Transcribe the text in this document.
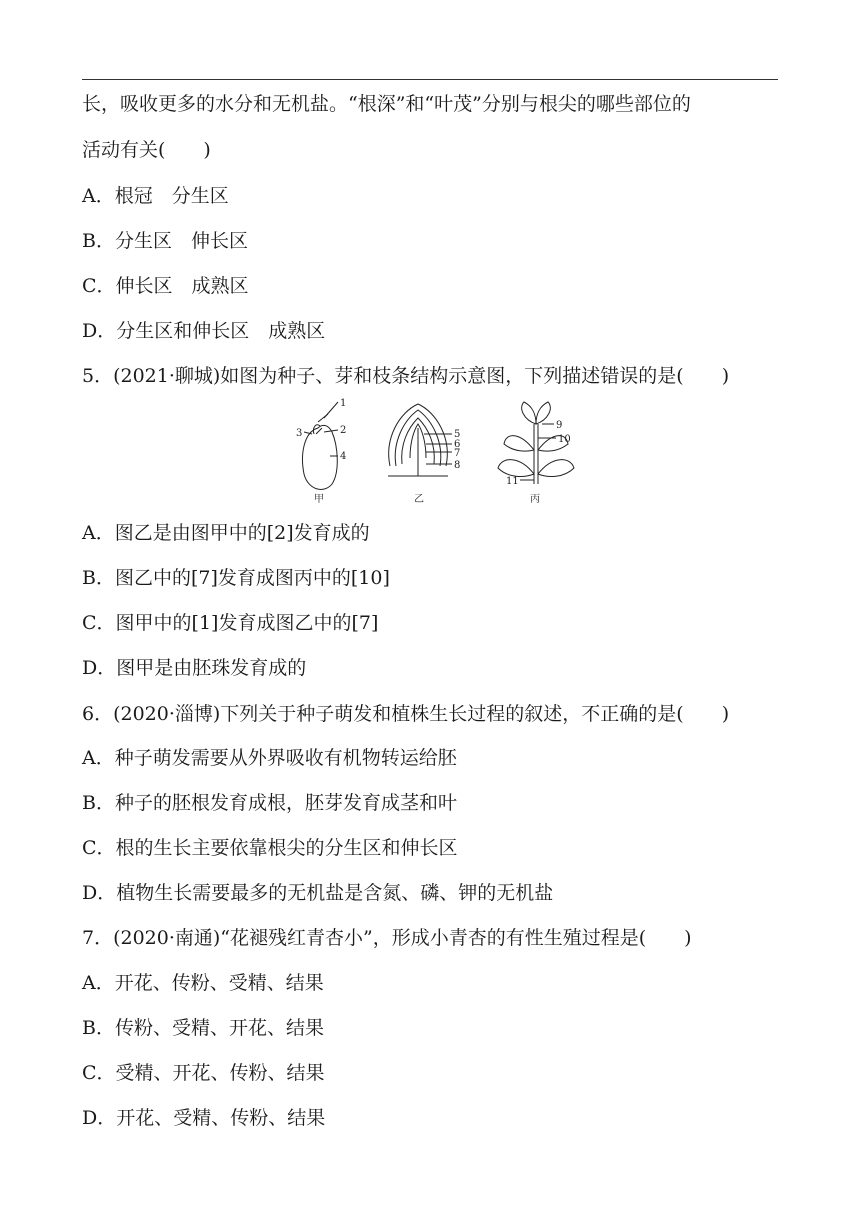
长，吸收更多的水分和无机盐。“根深”和“叶茂”分别与根尖的哪些部位的
活动有关(　　)
A．根冠　分生区
B．分生区　伸长区
C．伸长区　成熟区
D．分生区和伸长区　成熟区
5．(2021·聊城)如图为种子、芽和枝条结构示意图，下列描述错误的是(　　)
1
2
3
4
5
6
7
8
9
10
11
甲	乙	丙
A．图乙是由图甲中的[2]发育成的
B．图乙中的[7]发育成图丙中的[10]
C．图甲中的[1]发育成图乙中的[7]
D．图甲是由胚珠发育成的
6．(2020·淄博)下列关于种子萌发和植株生长过程的叙述，不正确的是(　　)
A．种子萌发需要从外界吸收有机物转运给胚
B．种子的胚根发育成根，胚芽发育成茎和叶
C．根的生长主要依靠根尖的分生区和伸长区
D．植物生长需要最多的无机盐是含氮、磷、钾的无机盐
7．(2020·南通)“花褪残红青杏小”，形成小青杏的有性生殖过程是(　　)
A．开花、传粉、受精、结果
B．传粉、受精、开花、结果
C．受精、开花、传粉、结果
D．开花、受精、传粉、结果
